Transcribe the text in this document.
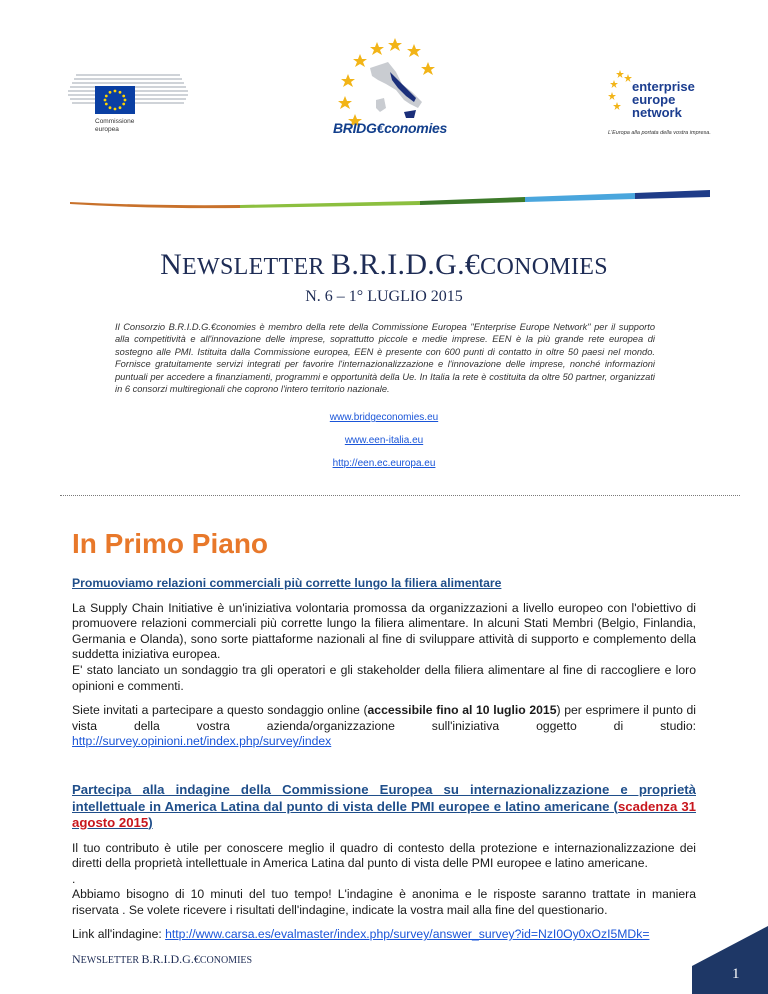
Commissione
europea	BRIDG€conomies
enterprise
europe
network
L'Europa alla portata della vostra impresa.
NEWSLETTER B.R.I.D.G.€CONOMIES
N. 6 – 1° LUGLIO 2015
Il Consorzio B.R.I.D.G.€conomies è membro della rete della Commissione Europea "Enterprise Europe Network" per il supporto alla competitività e all'innovazione delle imprese, soprattutto piccole e medie imprese. EEN è la più grande rete europea di sostegno alle PMI. Istituita dalla Commissione europea, EEN è presente con 600 punti di contatto in oltre 50 paesi nel mondo. Fornisce gratuitamente servizi integrati per favorire l'internazionalizzazione e l'innovazione delle imprese, nonché informazioni puntuali per accedere a finanziamenti, programmi e opportunità della Ue. In Italia la rete è costituita da oltre 50 partner, organizzati in 6 consorzi multiregionali che coprono l'intero territorio nazionale.
www.bridgeconomies.eu
www.een-italia.eu
http://een.ec.europa.eu
In Primo Piano
Promuoviamo relazioni commerciali più corrette lungo la filiera alimentare
La Supply Chain Initiative è un'iniziativa volontaria promossa da organizzazioni a livello europeo con l'obiettivo di promuovere relazioni commerciali più corrette lungo la filiera alimentare. In alcuni Stati Membri (Belgio, Finlandia, Germania e Olanda), sono sorte piattaforme nazionali al fine di sviluppare attività di supporto e complemento della suddetta iniziativa europea.
E' stato lanciato un sondaggio tra gli operatori e gli stakeholder della filiera alimentare al fine di raccogliere e loro opinioni e commenti.
Siete invitati a partecipare a questo sondaggio online (accessibile fino al 10 luglio 2015) per esprimere il punto di vista della vostra azienda/organizzazione sull'iniziativa oggetto di studio: http://survey.opinioni.net/index.php/survey/index
Partecipa alla indagine della Commissione Europea su internazionalizzazione e proprietà intellettuale in America Latina dal punto di vista delle PMI europee e latino americane (scadenza 31 agosto 2015)
Il tuo contributo è utile per conoscere meglio il quadro di contesto della protezione e internazionalizzazione dei diretti della proprietà intellettuale in America Latina dal punto di vista delle PMI europee e latino americane.
.
Abbiamo bisogno di 10 minuti del tuo tempo! L'indagine è anonima e le risposte saranno trattate in maniera riservata . Se volete ricevere i risultati dell'indagine, indicate la vostra mail alla fine del questionario.
Link all'indagine: http://www.carsa.es/evalmaster/index.php/survey/answer_survey?id=NzI0Oy0xOzI5MDk=
NEWSLETTER B.R.I.D.G.€CONOMIES
1
